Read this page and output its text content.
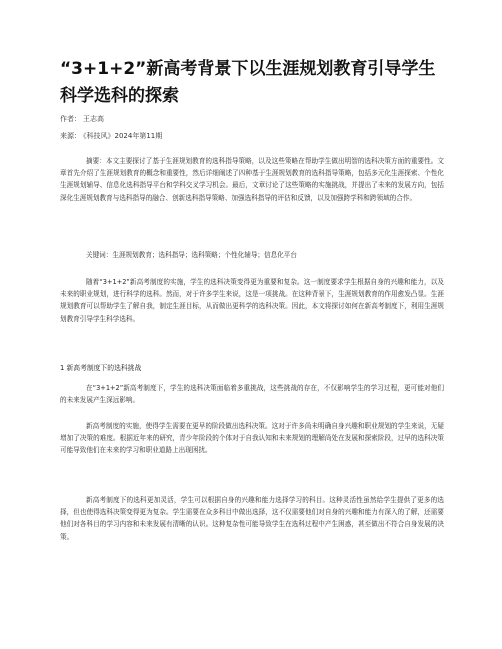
“3+1+2”新高考背景下以生涯规划教育引导学生科学选科的探索
作者： 王志高
来源： 《科技风》2024年第11期

摘要：本文主要探讨了基于生涯规划教育的选科指导策略，以及这些策略在帮助学生做出明智的选科决策方面的重要性。文章首先介绍了生涯规划教育的概念和重要性，然后详细阐述了四种基于生涯规划教育的选科指导策略，包括多元化生涯探索、个性化生涯规划辅导、信息化选科指导平台和学科交叉学习机会。最后，文章讨论了这些策略的实施挑战，并提出了未来的发展方向，包括深化生涯规划教育与选科指导的融合、创新选科指导策略、加强选科指导的评估和反馈，以及加强跨学科和跨领域的合作。

关键词：生涯规划教育；选科指导；选科策略；个性化辅导；信息化平台

随着“3+1+2”新高考制度的实施，学生的选科决策变得更为重要和复杂。这一制度要求学生根据自身的兴趣和能力，以及未来的职业规划，进行科学的选科。然而，对于许多学生来说，这是一项挑战。在这种背景下，生涯规划教育的作用愈发凸显。生涯规划教育可以帮助学生了解自我，制定生涯目标，从而做出更科学的选科决策。因此，本文将探讨如何在新高考制度下，利用生涯规划教育引导学生科学选科。

1 新高考制度下的选科挑战

在“3+1+2”新高考制度下，学生的选科决策面临着多重挑战，这些挑战的存在，不仅影响学生的学习过程，更可能对他们的未来发展产生深远影响。

新高考制度的实施，使得学生需要在更早的阶段做出选科决策。这对于许多尚未明确自身兴趣和职业规划的学生来说，无疑增加了决策的难度。根据近年来的研究，青少年阶段的个体对于自我认知和未来规划的理解尚处在发展和探索阶段，过早的选科决策可能导致他们在未来的学习和职业道路上出现困扰。

新高考制度下的选科更加灵活，学生可以根据自身的兴趣和能力选择学习的科目。这种灵活性虽然给学生提供了更多的选择，但也使得选科决策变得更为复杂。学生需要在众多科目中做出选择，这不仅需要他们对自身的兴趣和能力有深入的了解，还需要他们对各科目的学习内容和未来发展有清晰的认识。这种复杂性可能导致学生在选科过程中产生困惑，甚至做出不符合自身发展的决策。
